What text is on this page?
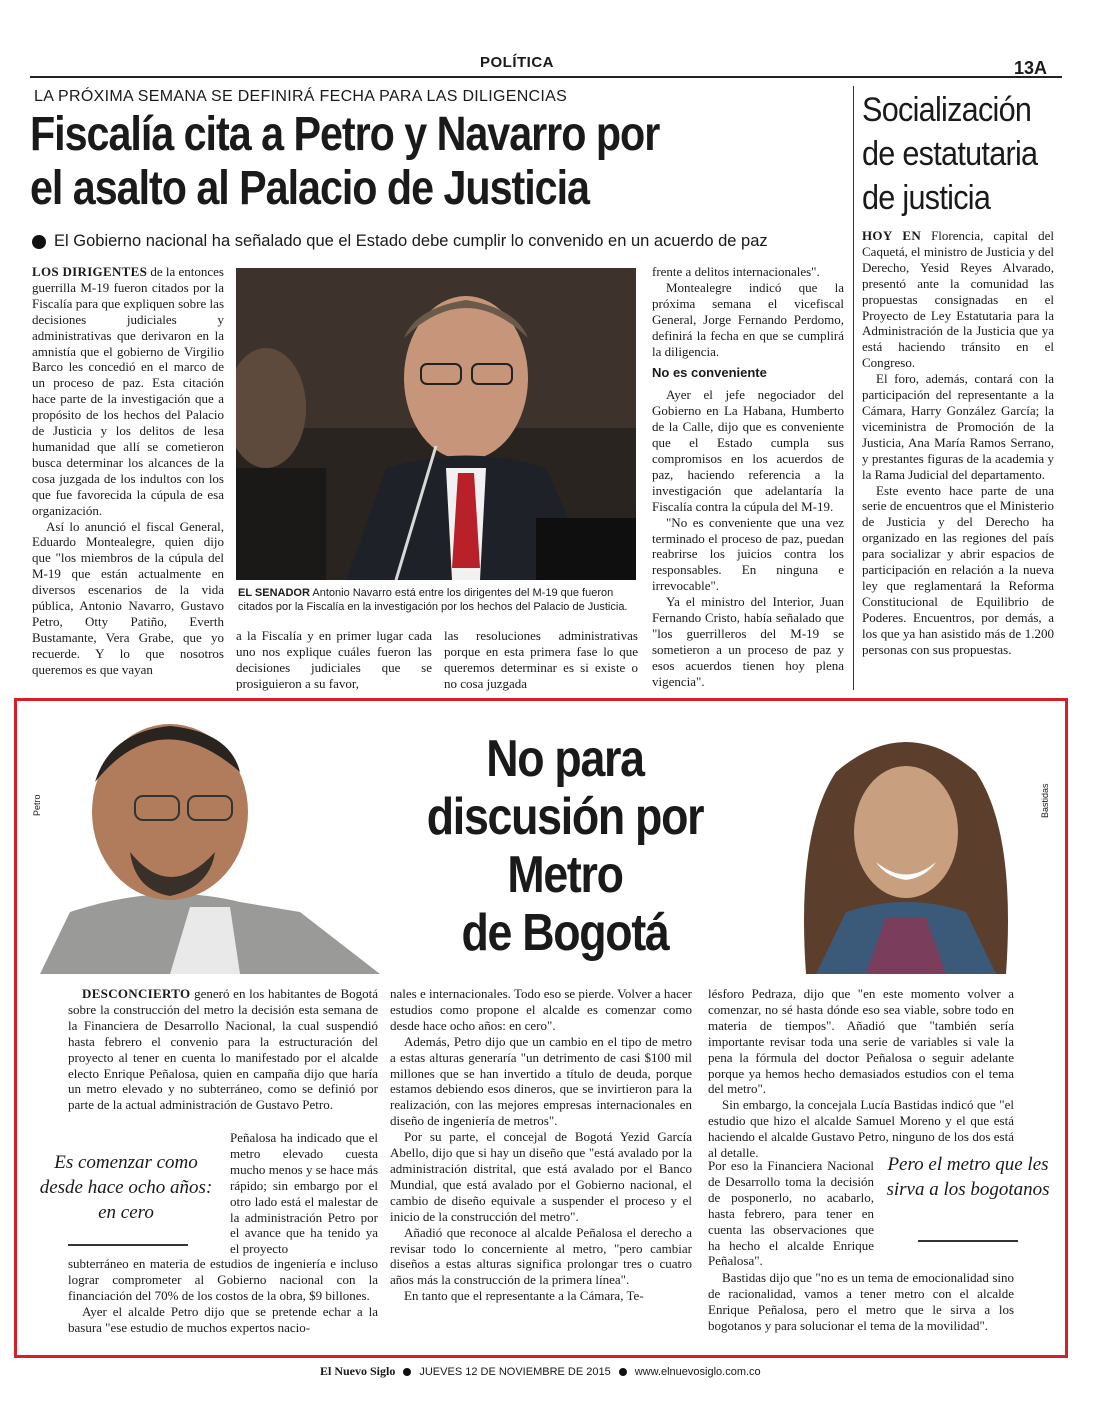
POLÍTICA	13A
LA PRÓXIMA SEMANA SE DEFINIRÁ FECHA PARA LAS DILIGENCIAS
Fiscalía cita a Petro y Navarro por
el asalto al Palacio de Justicia
El Gobierno nacional ha señalado que el Estado debe cumplir lo convenido en un acuerdo de paz

LOS DIRIGENTES de la entonces guerrilla M-19 fueron citados por la Fiscalía para que expliquen sobre las decisiones judiciales y administrativas que derivaron en la amnistía que el gobierno de Virgilio Barco les concedió en el marco de un proceso de paz. Esta citación hace parte de la investigación que a propósito de los hechos del Palacio de Justicia y los delitos de lesa humanidad que allí se cometieron busca determinar los alcances de la cosa juzgada de los indultos con los que fue favorecida la cúpula de esa organización.

Así lo anunció el fiscal General, Eduardo Montealegre, quien dijo que "los miembros de la cúpula del M-19 que están actualmente en diversos escenarios de la vida pública, Antonio Navarro, Gustavo Petro, Otty Patiño, Everth Bustamante, Vera Grabe, que yo recuerde. Y lo que nosotros queremos es que vayan

EL SENADOR Antonio Navarro está entre los dirigentes del M-19 que fueron citados por la Fiscalía en la investigación por los hechos del Palacio de Justicia.

a la Fiscalía y en primer lugar cada uno nos explique cuáles fueron las decisiones judiciales que se prosiguieron a su favor,

las resoluciones administrativas porque en esta primera fase lo que queremos determinar es si existe o no cosa juzgada

frente a delitos internacionales".

Montealegre indicó que la próxima semana el vicefiscal General, Jorge Fernando Perdomo, definirá la fecha en que se cumplirá la diligencia.

No es conveniente

Ayer el jefe negociador del Gobierno en La Habana, Humberto de la Calle, dijo que es conveniente que el Estado cumpla sus compromisos en los acuerdos de paz, haciendo referencia a la investigación que adelantaría la Fiscalía contra la cúpula del M-19.

"No es conveniente que una vez terminado el proceso de paz, puedan reabrirse los juicios contra los responsables. En ninguna e irrevocable".

Ya el ministro del Interior, Juan Fernando Cristo, había señalado que "los guerrilleros del M-19 se sometieron a un proceso de paz y esos acuerdos tienen hoy plena vigencia".

Socialización
de estatutaria
de justicia

HOY EN Florencia, capital del Caquetá, el ministro de Justicia y del Derecho, Yesid Reyes Alvarado, presentó ante la comunidad las propuestas consignadas en el Proyecto de Ley Estatutaria para la Administración de la Justicia que ya está haciendo tránsito en el Congreso.

El foro, además, contará con la participación del representante a la Cámara, Harry González García; la viceministra de Promoción de la Justicia, Ana María Ramos Serrano, y prestantes figuras de la academia y la Rama Judicial del departamento.

Este evento hace parte de una serie de encuentros que el Ministerio de Justicia y del Derecho ha organizado en las regiones del país para socializar y abrir espacios de participación en relación a la nueva ley que reglamentará la Reforma Constitucional de Equilibrio de Poderes. Encuentros, por demás, a los que ya han asistido más de 1.200 personas con sus propuestas.

Petro
No para
discusión por
Metro
de Bogotá
Bastidas

DESCONCIERTO generó en los habitantes de Bogotá sobre la construcción del metro la decisión esta semana de la Financiera de Desarrollo Nacional, la cual suspendió hasta febrero el convenio para la estructuración del proyecto al tener en cuenta lo manifestado por el alcalde electo Enrique Peñalosa, quien en campaña dijo que haría un metro elevado y no subterráneo, como se definió por parte de la actual administración de Gustavo Petro.

Peñalosa ha indicado que el metro elevado cuesta mucho menos y se hace más rápido; sin embargo por el otro lado está el malestar de la administración Petro por el avance que ha tenido ya el proyecto

Es comenzar como desde hace ocho años: en cero

subterráneo en materia de estudios de ingeniería e incluso lograr comprometer al Gobierno nacional con la financiación del 70% de los costos de la obra, $9 billones.

Ayer el alcalde Petro dijo que se pretende echar a la basura "ese estudio de muchos expertos nacio-

nales e internacionales. Todo eso se pierde. Volver a hacer estudios como propone el alcalde es comenzar como desde hace ocho años: en cero".

Además, Petro dijo que un cambio en el tipo de metro a estas alturas generaría "un detrimento de casi $100 mil millones que se han invertido a título de deuda, porque estamos debiendo esos dineros, que se invirtieron para la realización, con las mejores empresas internacionales en diseño de ingeniería de metros".

Por su parte, el concejal de Bogotá Yezid García Abello, dijo que si hay un diseño que "está avalado por la administración distrital, que está avalado por el Banco Mundial, que está avalado por el Gobierno nacional, el cambio de diseño equivale a suspender el proceso y el inicio de la construcción del metro".

Añadió que reconoce al alcalde Peñalosa el derecho a revisar todo lo concerniente al metro, "pero cambiar diseños a estas alturas significa prolongar tres o cuatro años más la construcción de la primera línea".

En tanto que el representante a la Cámara, Te-

lésforo Pedraza, dijo que "en este momento volver a comenzar, no sé hasta dónde eso sea viable, sobre todo en materia de tiempos". Añadió que "también sería importante revisar toda una serie de variables si vale la pena la fórmula del doctor Peñalosa o seguir adelante porque ya hemos hecho demasiados estudios con el tema del metro".

Sin embargo, la concejala Lucía Bastidas indicó que "el estudio que hizo el alcalde Samuel Moreno y el que está haciendo el alcalde Gustavo Petro, ninguno de los dos está al detalle.

Por eso la Financiera Nacional de Desarrollo toma la decisión de posponerlo, no acabarlo, hasta febrero, para tener en cuenta las observaciones que ha hecho el alcalde Enrique Peñalosa".

Pero el metro que les sirva a los bogotanos

Bastidas dijo que "no es un tema de emocionalidad sino de racionalidad, vamos a tener metro con el alcalde Enrique Peñalosa, pero el metro que le sirva a los bogotanos y para solucionar el tema de la movilidad".

El Nuevo Siglo JUEVES 12 DE NOVIEMBRE DE 2015 www.elnuevosiglo.com.co
